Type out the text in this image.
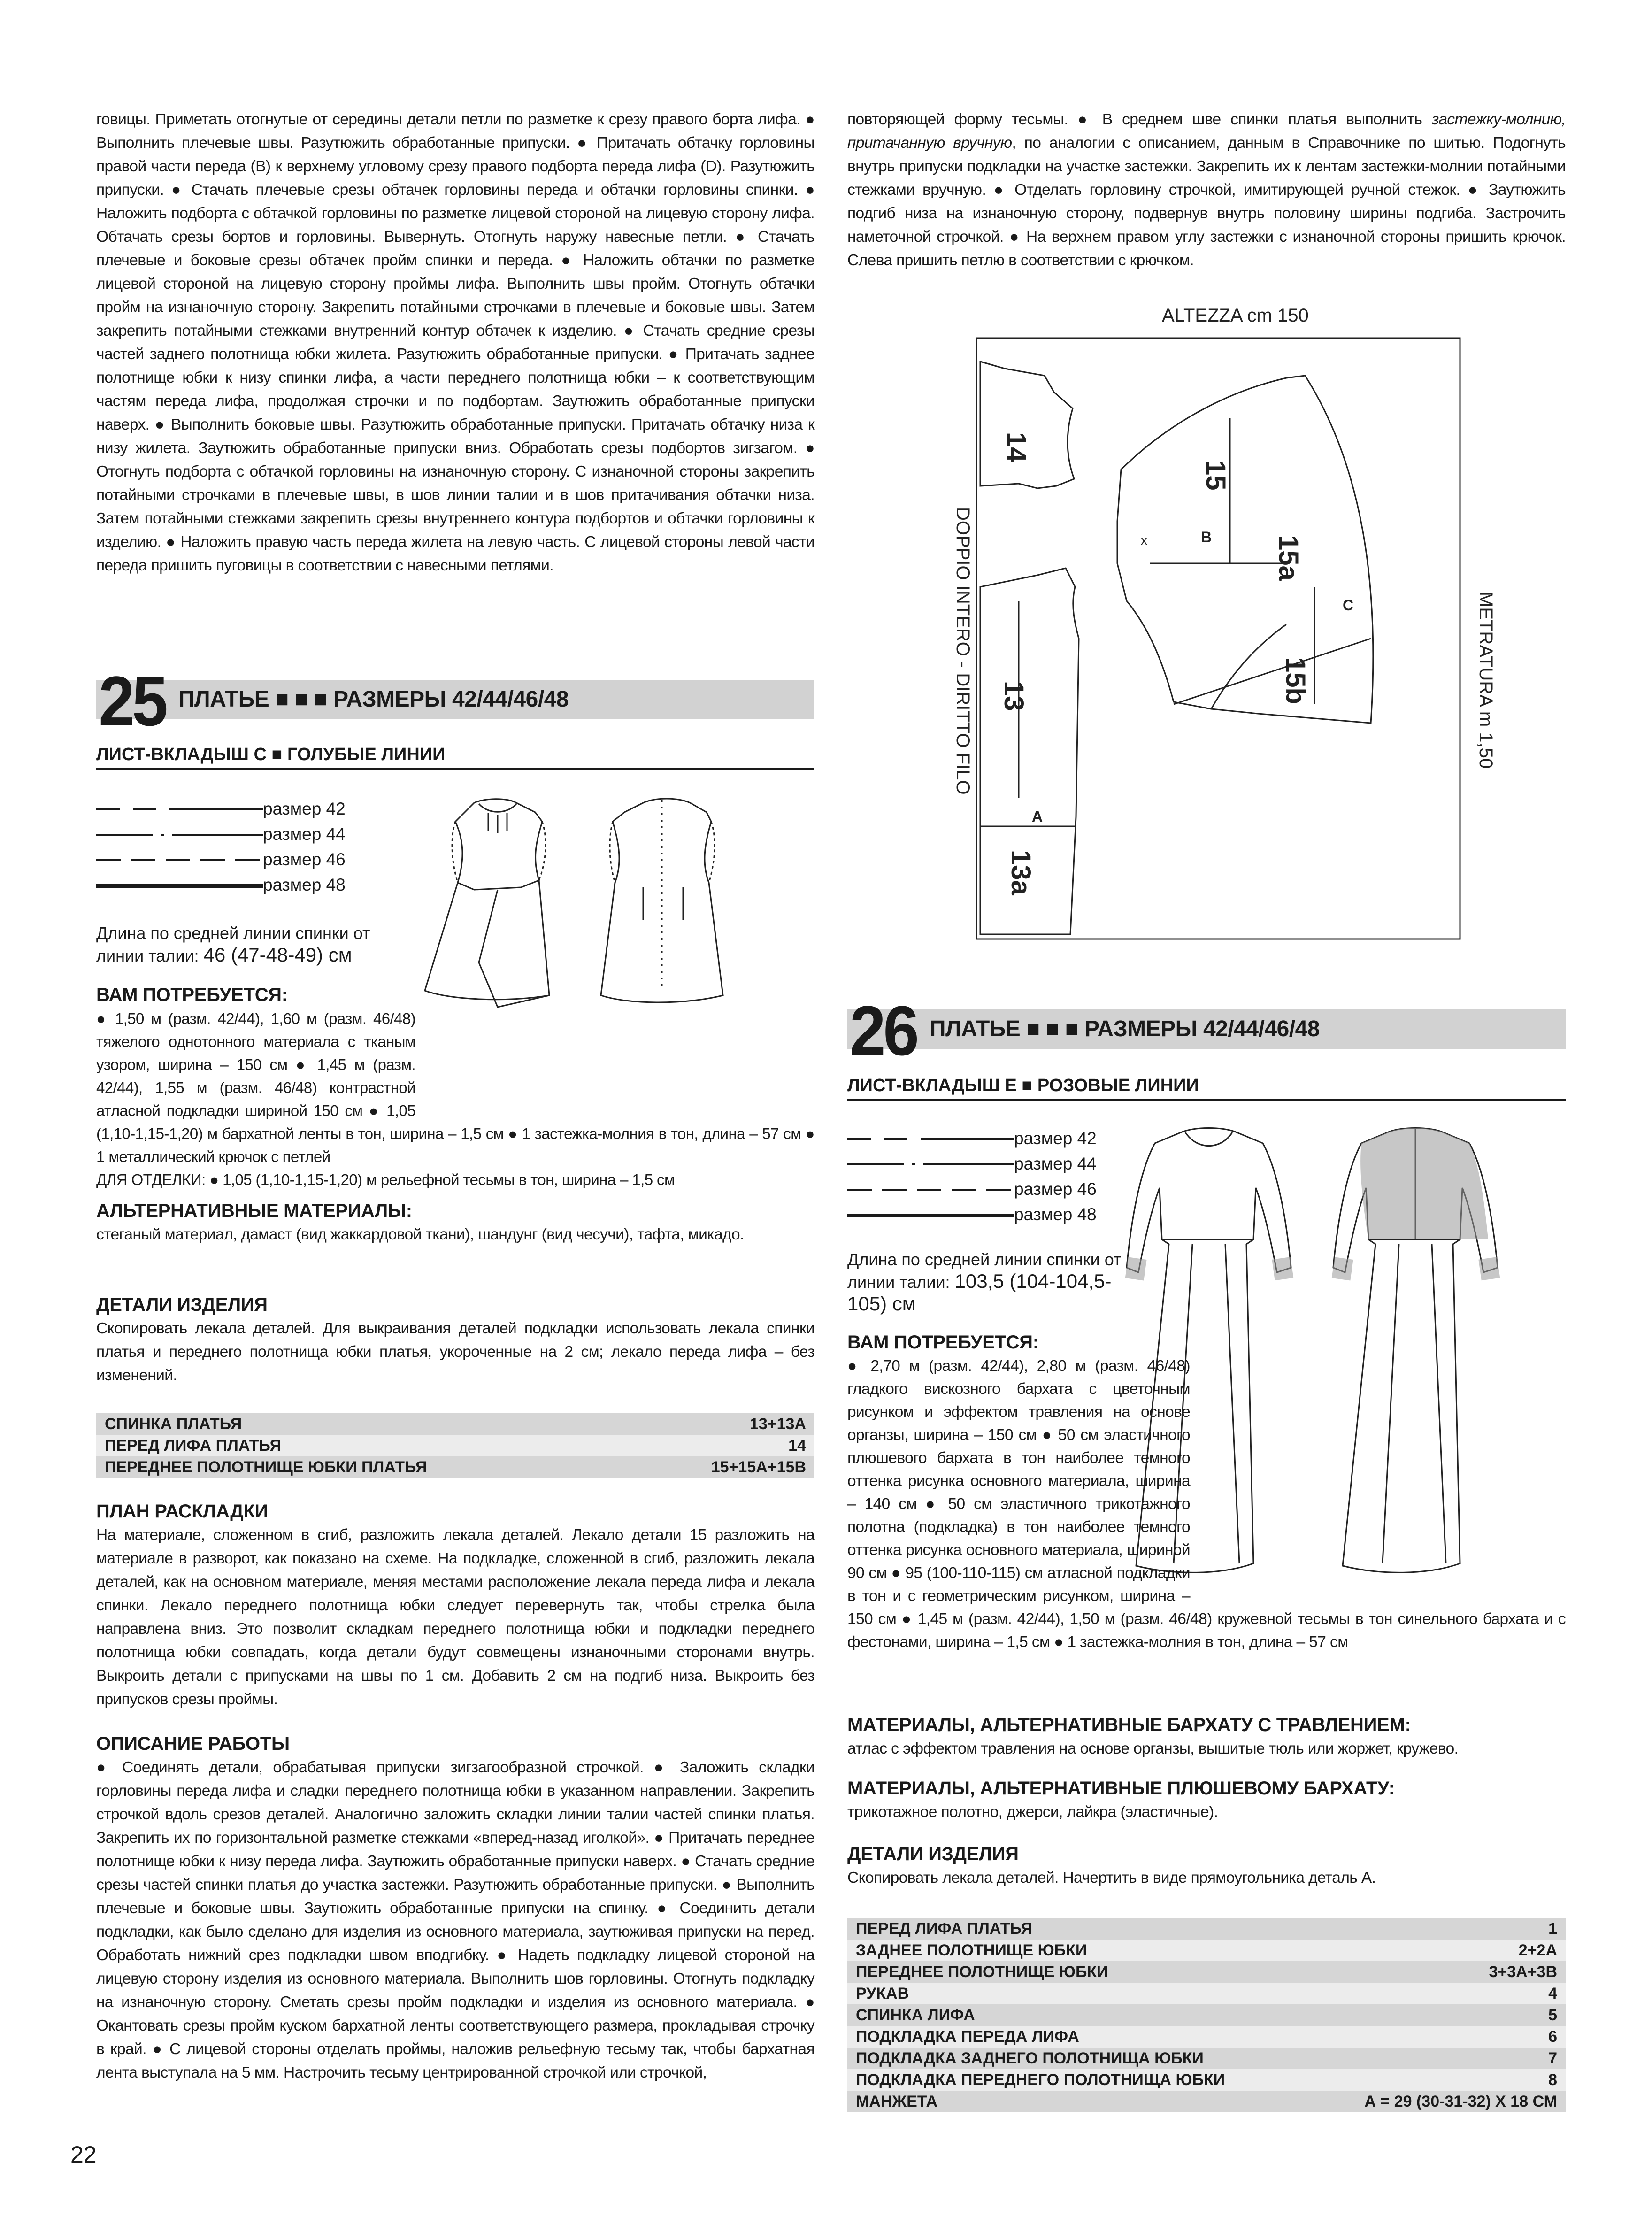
говицы. Приметать отогнутые от середины детали петли по разметке к срезу правого борта лифа. ● Выполнить плечевые швы. Разутюжить обработанные припуски. ● Притачать обтачку горловины правой части переда (В) к верхнему угловому срезу правого подборта переда лифа (D). Разутюжить припуски. ● Стачать плечевые срезы обтачек горловины переда и обтачки горловины спинки. ● Наложить подборта с обтачкой горловины по разметке лицевой стороной на лицевую сторону лифа. Обтачать срезы бортов и горловины. Вывернуть. Отогнуть наружу навесные петли. ● Стачать плечевые и боковые срезы обтачек пройм спинки и переда. ● Наложить обтачки по разметке лицевой стороной на лицевую сторону проймы лифа. Выполнить швы пройм. Отогнуть обтачки пройм на изнаночную сторону. Закрепить потайными строчками в плечевые и боковые швы. Затем закрепить потайными стежками внутренний контур обтачек к изделию. ● Стачать средние срезы частей заднего полотнища юбки жилета. Разутюжить обработанные припуски. ● Притачать заднее полотнище юбки к низу спинки лифа, а части переднего полотнища юбки – к соответствующим частям переда лифа, продолжая строчки и по подбортам. Заутюжить обработанные припуски наверх. ● Выполнить боковые швы. Разутюжить обработанные припуски. Притачать обтачку низа к низу жилета. Заутюжить обработанные припуски вниз. Обработать срезы подбортов зигзагом. ● Отогнуть подборта с обтачкой горловины на изнаночную сторону. С изнаночной стороны закрепить потайными строчками в плечевые швы, в шов линии талии и в шов притачивания обтачки низа. Затем потайными стежками закрепить срезы внутреннего контура подбортов и обтачки горловины к изделию. ● Наложить правую часть переда жилета на левую часть. С лицевой стороны левой части переда пришить пуговицы в соответствии с навесными петлями.

25 ПЛАТЬЕ ■ ■ ■ РАЗМЕРЫ 42/44/46/48
ЛИСТ-ВКЛАДЫШ С ■ ГОЛУБЫЕ ЛИНИИ
размер 42
размер 44
размер 46
размер 48
Длина по средней линии спинки от линии талии: 46 (47-48-49) см
ВАМ ПОТРЕБУЕТСЯ:
● 1,50 м (разм. 42/44), 1,60 м (разм. 46/48) тяжелого однотонного материала с тканым узором, ширина – 150 см ● 1,45 м (разм. 42/44), 1,55 м (разм. 46/48) контрастной атласной подкладки шириной 150 см ● 1,05 (1,10-1,15-1,20) м бархатной ленты в тон, ширина – 1,5 см ● 1 застежка-молния в тон, длина – 57 см ● 1 металлический крючок с петлей
ДЛЯ ОТДЕЛКИ: ● 1,05 (1,10-1,15-1,20) м рельефной тесьмы в тон, ширина – 1,5 см
АЛЬТЕРНАТИВНЫЕ МАТЕРИАЛЫ:
стеганый материал, дамаст (вид жаккардовой ткани), шандунг (вид чесучи), тафта, микадо.
ДЕТАЛИ ИЗДЕЛИЯ
Скопировать лекала деталей. Для выкраивания деталей подкладки использовать лекала спинки платья и переднего полотнища юбки платья, укороченные на 2 см; лекало переда лифа – без изменений.
СПИНКА ПЛАТЬЯ	13+13А
ПЕРЕД ЛИФА ПЛАТЬЯ	14
ПЕРЕДНЕЕ ПОЛОТНИЩЕ ЮБКИ ПЛАТЬЯ	15+15А+15В
ПЛАН РАСКЛАДКИ
На материале, сложенном в сгиб, разложить лекала деталей. Лекало детали 15 разложить на материале в разворот, как показано на схеме. На подкладке, сложенной в сгиб, разложить лекала деталей, как на основном материале, меняя местами расположение лекала переда лифа и лекала спинки. Лекало переднего полотнища юбки следует перевернуть так, чтобы стрелка была направлена вниз. Это позволит складкам переднего полотнища юбки и подкладки переднего полотнища юбки совпадать, когда детали будут совмещены изнаночными сторонами внутрь. Выкроить детали с припусками на швы по 1 см. Добавить 2 см на подгиб низа. Выкроить без припусков срезы проймы.
ОПИСАНИЕ РАБОТЫ
● Соединять детали, обрабатывая припуски зигзагообразной строчкой. ● Заложить складки горловины переда лифа и сладки переднего полотнища юбки в указанном направлении. Закрепить строчкой вдоль срезов деталей. Аналогично заложить складки линии талии частей спинки платья. Закрепить их по горизонтальной разметке стежками «вперед-назад иголкой». ● Притачать переднее полотнище юбки к низу переда лифа. Заутюжить обработанные припуски наверх. ● Стачать средние срезы частей спинки платья до участка застежки. Разутюжить обработанные припуски. ● Выполнить плечевые и боковые швы. Заутюжить обработанные припуски на спинку. ● Соединить детали подкладки, как было сделано для изделия из основного материала, заутюживая припуски на перед. Обработать нижний срез подкладки швом вподгибку. ● Надеть подкладку лицевой стороной на лицевую сторону изделия из основного материала. Выполнить шов горловины. Отогнуть подкладку на изнаночную сторону. Сметать срезы пройм подкладки и изделия из основного материала. ● Окантовать срезы пройм куском бархатной ленты соответствующего размера, прокладывая строчку в край. ● С лицевой стороны отделать проймы, наложив рельефную тесьму так, чтобы бархатная лента выступала на 5 мм. Настрочить тесьму центрированной строчкой или строчкой,

повторяющей форму тесьмы. ● В среднем шве спинки платья выполнить застежку-молнию, притачанную вручную, по аналогии с описанием, данным в Справочнике по шитью. Подогнуть внутрь припуски подкладки на участке застежки. Закрепить их к лентам застежки-молнии потайными стежками вручную. ● Отделать горловину строчкой, имитирующей ручной стежок. ● Заутюжить подгиб низа на изнаночную сторону, подвернув внутрь половину ширины подгиба. Застрочить наметочной строчкой. ● На верхнем правом углу застежки с изнаночной стороны пришить крючок. Слева пришить петлю в соответствии с крючком.

ALTEZZA cm 150
DOPPIO INTERO - DIRITTO FILO	METRATURA m 1,50
14
13
13a
15
15a
15b
B
C
A
x
26 ПЛАТЬЕ ■ ■ ■ РАЗМЕРЫ 42/44/46/48
ЛИСТ-ВКЛАДЫШ Е ■ РОЗОВЫЕ ЛИНИИ
размер 42
размер 44
размер 46
размер 48
Длина по средней линии спинки от линии талии: 103,5 (104-104,5-105) см
ВАМ ПОТРЕБУЕТСЯ:
● 2,70 м (разм. 42/44), 2,80 м (разм. 46/48) гладкого вискозного бархата с цветочным рисунком и эффектом травления на основе органзы, ширина – 150 см ● 50 см эластичного плюшевого бархата в тон наиболее темного оттенка рисунка основного материала, ширина – 140 см ● 50 см эластичного трикотажного полотна (подкладка) в тон наиболее темного оттенка рисунка основного материала, шириной 90 см ● 95 (100-110-115) см атласной подкладки в тон и с геометрическим рисунком, ширина – 150 см ● 1,45 м (разм. 42/44), 1,50 м (разм. 46/48) кружевной тесьмы в тон синельного бархата и с фестонами, ширина – 1,5 см ● 1 застежка-молния в тон, длина – 57 см
МАТЕРИАЛЫ, АЛЬТЕРНАТИВНЫЕ БАРХАТУ С ТРАВЛЕНИЕМ:
атлас с эффектом травления на основе органзы, вышитые тюль или жоржет, кружево.
МАТЕРИАЛЫ, АЛЬТЕРНАТИВНЫЕ ПЛЮШЕВОМУ БАРХАТУ:
трикотажное полотно, джерси, лайкра (эластичные).
ДЕТАЛИ ИЗДЕЛИЯ
Скопировать лекала деталей. Начертить в виде прямоугольника деталь А.
ПЕРЕД ЛИФА ПЛАТЬЯ	1
ЗАДНЕЕ ПОЛОТНИЩЕ ЮБКИ	2+2А
ПЕРЕДНЕЕ ПОЛОТНИЩЕ ЮБКИ	3+3А+3В
РУКАВ	4
СПИНКА ЛИФА	5
ПОДКЛАДКА ПЕРЕДА ЛИФА	6
ПОДКЛАДКА ЗАДНЕГО ПОЛОТНИЩА ЮБКИ	7
ПОДКЛАДКА ПЕРЕДНЕГО ПОЛОТНИЩА ЮБКИ	8
МАНЖЕТА	А = 29 (30-31-32) Х 18 СМ
22
